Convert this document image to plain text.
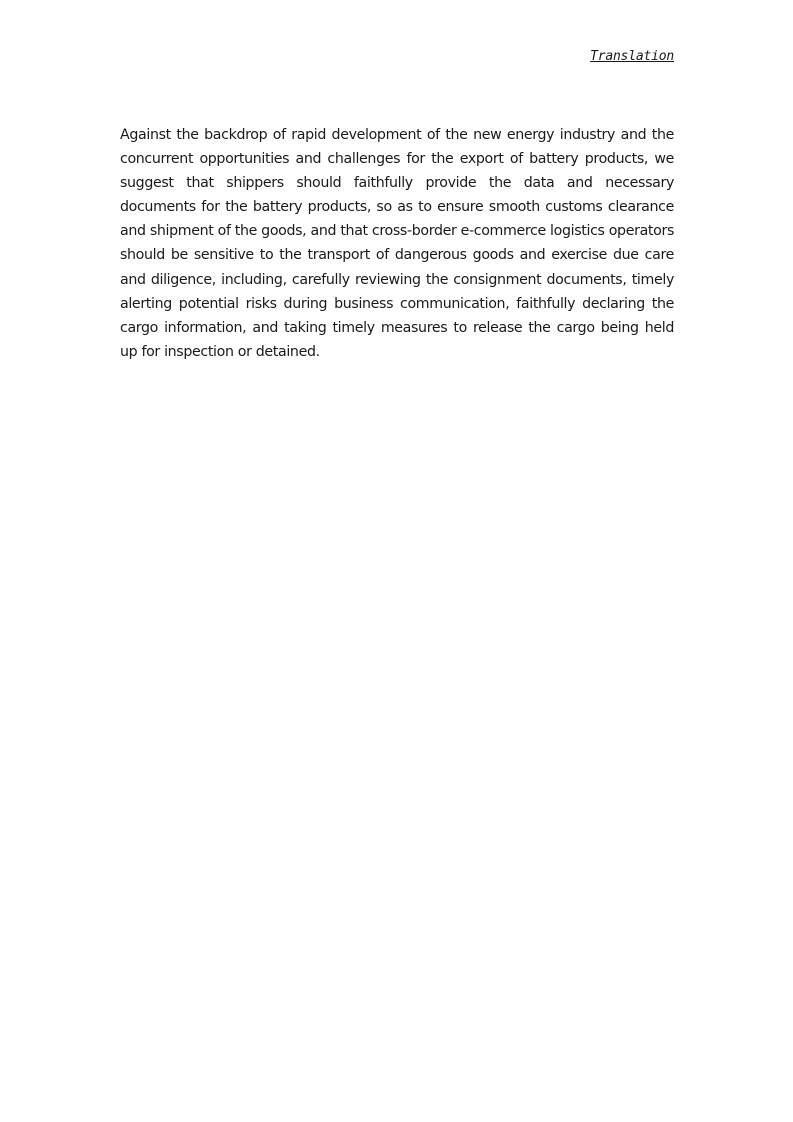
Translation

Against the backdrop of rapid development of the new energy industry and the concurrent opportunities and challenges for the export of battery products, we suggest that shippers should faithfully provide the data and necessary documents for the battery products, so as to ensure smooth customs clearance and shipment of the goods, and that cross-border e-commerce logistics operators should be sensitive to the transport of dangerous goods and exercise due care and diligence, including, carefully reviewing the consignment documents, timely alerting potential risks during business communication, faithfully declaring the cargo information, and taking timely measures to release the cargo being held up for inspection or detained.
